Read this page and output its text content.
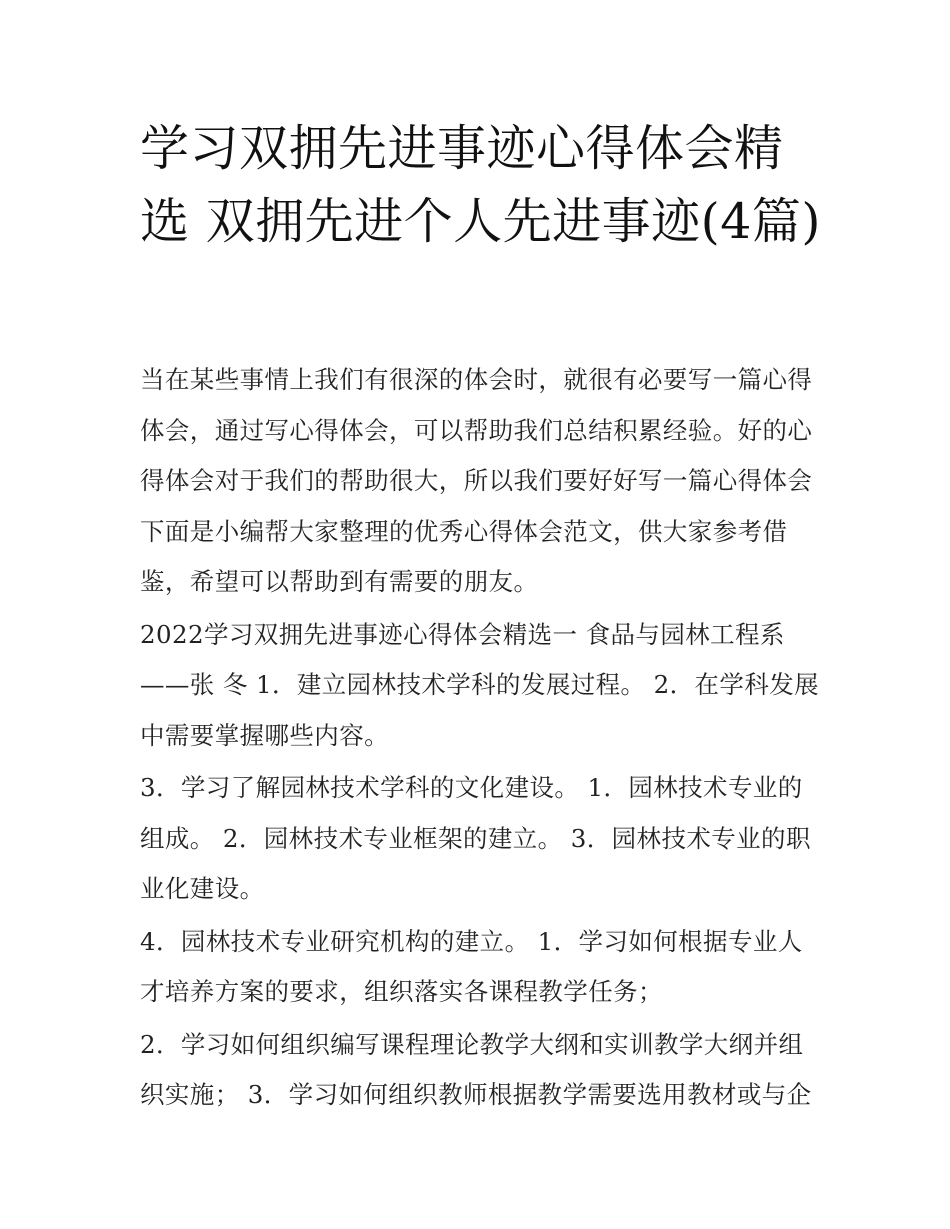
学习双拥先进事迹心得体会精选 双拥先进个人先进事迹(4篇)

当在某些事情上我们有很深的体会时，就很有必要写一篇心得体会，通过写心得体会，可以帮助我们总结积累经验。好的心得体会对于我们的帮助很大，所以我们要好好写一篇心得体会下面是小编帮大家整理的优秀心得体会范文，供大家参考借鉴，希望可以帮助到有需要的朋友。

2022学习双拥先进事迹心得体会精选一 食品与园林工程系——张 冬 1．建立园林技术学科的发展过程。 2．在学科发展中需要掌握哪些内容。

3．学习了解园林技术学科的文化建设。 1．园林技术专业的组成。 2．园林技术专业框架的建立。 3．园林技术专业的职业化建设。

4．园林技术专业研究机构的建立。 1．学习如何根据专业人才培养方案的要求，组织落实各课程教学任务；

2．学习如何组织编写课程理论教学大纲和实训教学大纲并组织实施； 3．学习如何组织教师根据教学需要选用教材或与企
